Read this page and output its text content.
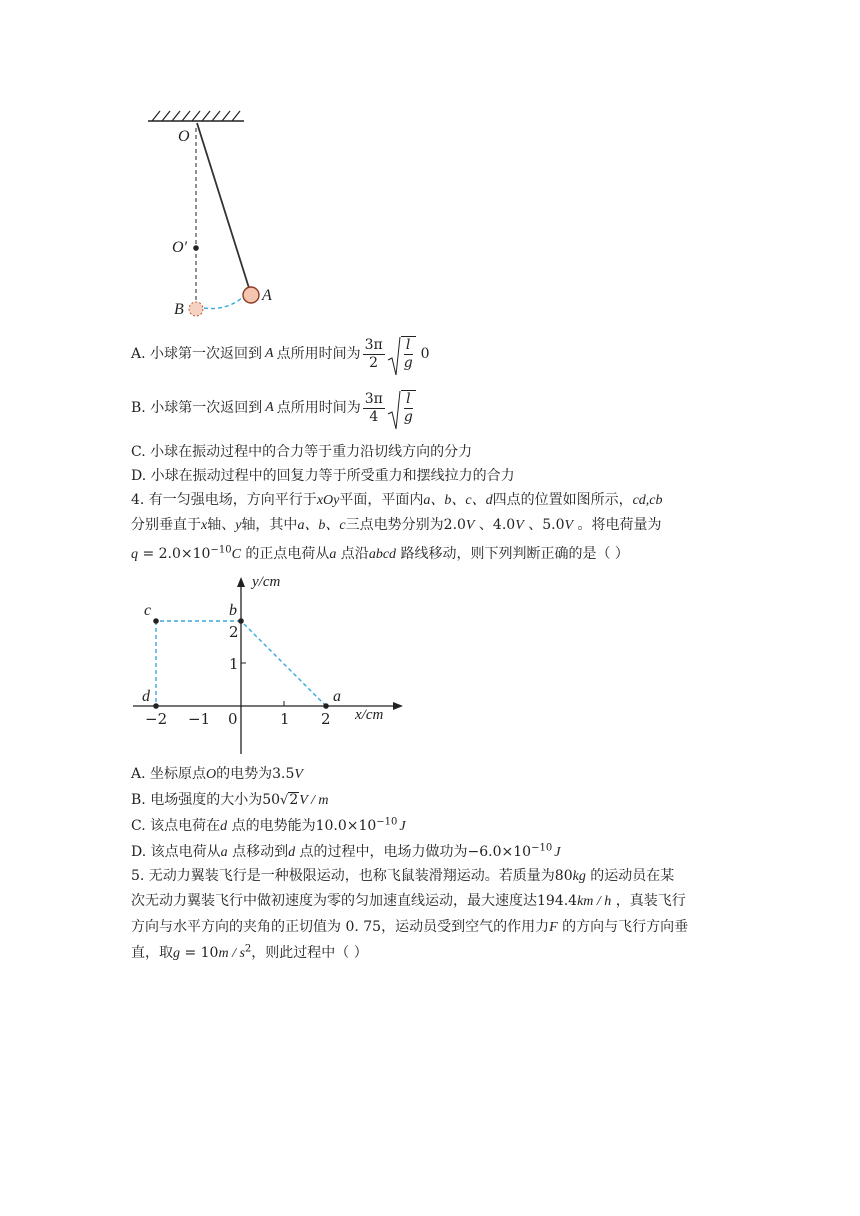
O
O′
A
B
A. 小球第一次返回到 A 点所用时间为 $\frac{3\pi}{2} \frac{l}{g} 0$
B. 小球第一次返回到 A 点所用时间为 $\frac{3\pi}{4} \frac{l}{g}$
C. 小球在振动过程中的合力等于重力沿切线方向的分力
D. 小球在振动过程中的回复力等于所受重力和摆线拉力的合力
4. 有一匀强电场，方向平行于xOy平面，平面内a、b、c、d四点的位置如图所示，cd,cb
分别垂直于x轴、y轴，其中a、b、c三点电势分别为2.0V 、4.0V 、5.0V 。将电荷量为
$q = 2.0\times 10^{-10}C$ 的正点电荷从a 点沿abcd 路线移动，则下列判断正确的是（ ）
y/cm
x/cm
−2 −1 0	1 2
2
1
c	b
d	a
A. 坐标原点O的电势为3.5V
B. 电场强度的大小为50√2V / m
C. 该点电荷在d 点的电势能为$10.0\times 10^{-10}$ J
D. 该点电荷从a 点移动到d 点的过程中，电场力做功为$-6.0\times 10^{-10}$ J
5. 无动力翼装飞行是一种极限运动，也称飞鼠装滑翔运动。若质量为80kg 的运动员在某
次无动力翼装飞行中做初速度为零的匀加速直线运动，最大速度达194.4km / h ，真装飞行
方向与水平方向的夹角的正切值为 0. 75，运动员受到空气的作用力F 的方向与飞行方向垂
直，取$g = 10m / s^2$，则此过程中（ ）
